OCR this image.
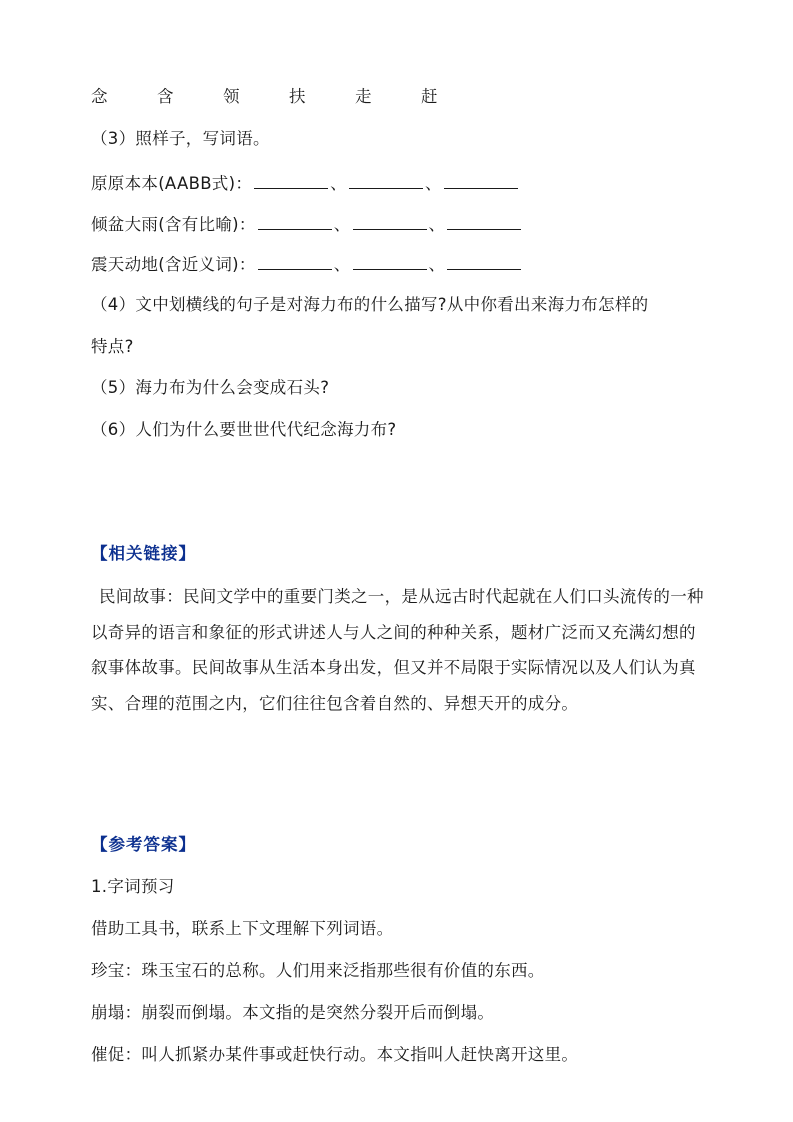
念	含	领	扶	走	赶
（3）照样子，写词语。
原原本本(AABB式)：	、	、
倾盆大雨(含有比喻)：	、	、
震天动地(含近义词)：	、	、
（4）文中划横线的句子是对海力布的什么描写?从中你看出来海力布怎样的
特点?
（5）海力布为什么会变成石头?
（6）人们为什么要世世代代纪念海力布?
【相关链接】
民间故事：民间文学中的重要门类之一，是从远古时代起就在人们口头流传的一种以奇异的语言和象征的形式讲述人与人之间的种种关系，题材广泛而又充满幻想的叙事体故事。民间故事从生活本身出发，但又并不局限于实际情况以及人们认为真实、合理的范围之内，它们往往包含着自然的、异想天开的成分。
【参考答案】
1.字词预习
借助工具书，联系上下文理解下列词语。
珍宝：珠玉宝石的总称。人们用来泛指那些很有价值的东西。
崩塌：崩裂而倒塌。本文指的是突然分裂开后而倒塌。
催促：叫人抓紧办某件事或赶快行动。本文指叫人赶快离开这里。
